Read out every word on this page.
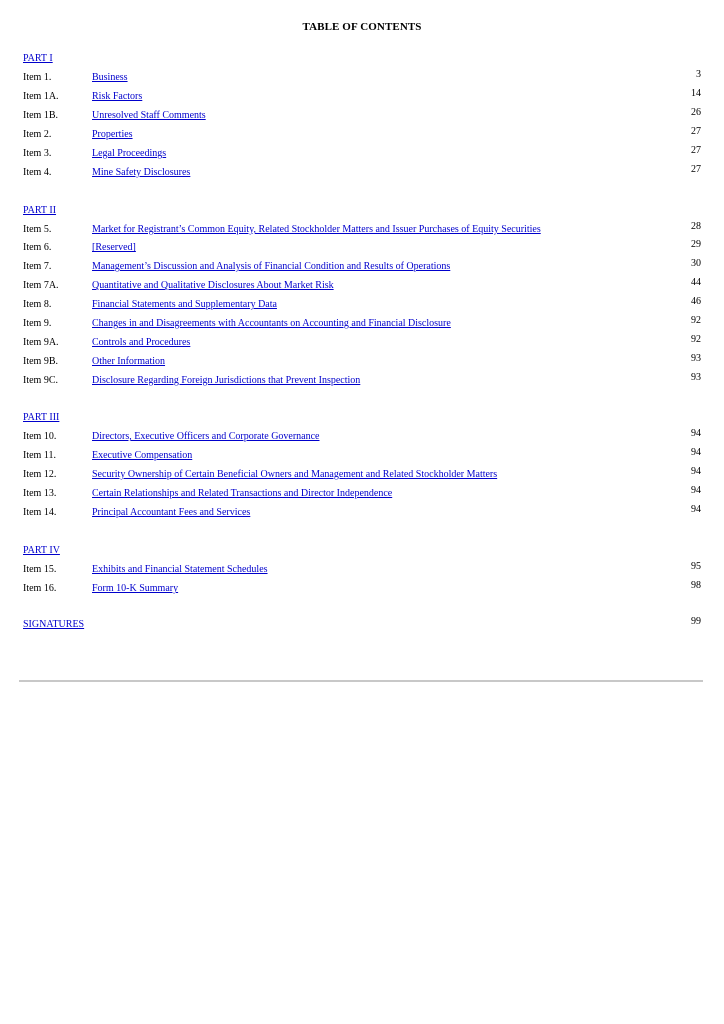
TABLE OF CONTENTS
PART I
Item 1.	Business	3
Item 1A.	Risk Factors	14
Item 1B.	Unresolved Staff Comments	26
Item 2.	Properties	27
Item 3.	Legal Proceedings	27
Item 4.	Mine Safety Disclosures	27
PART II
Item 5.	Market for Registrant’s Common Equity, Related Stockholder Matters and Issuer Purchases of Equity Securities	28
Item 6.	[Reserved]	29
Item 7.	Management’s Discussion and Analysis of Financial Condition and Results of Operations	30
Item 7A.	Quantitative and Qualitative Disclosures About Market Risk	44
Item 8.	Financial Statements and Supplementary Data	46
Item 9.	Changes in and Disagreements with Accountants on Accounting and Financial Disclosure	92
Item 9A.	Controls and Procedures	92
Item 9B.	Other Information	93
Item 9C.	Disclosure Regarding Foreign Jurisdictions that Prevent Inspection	93
PART III
Item 10.	Directors, Executive Officers and Corporate Governance	94
Item 11.	Executive Compensation	94
Item 12.	Security Ownership of Certain Beneficial Owners and Management and Related Stockholder Matters	94
Item 13.	Certain Relationships and Related Transactions and Director Independence	94
Item 14.	Principal Accountant Fees and Services	94
PART IV
Item 15.	Exhibits and Financial Statement Schedules	95
Item 16.	Form 10-K Summary	98
SIGNATURES	99
